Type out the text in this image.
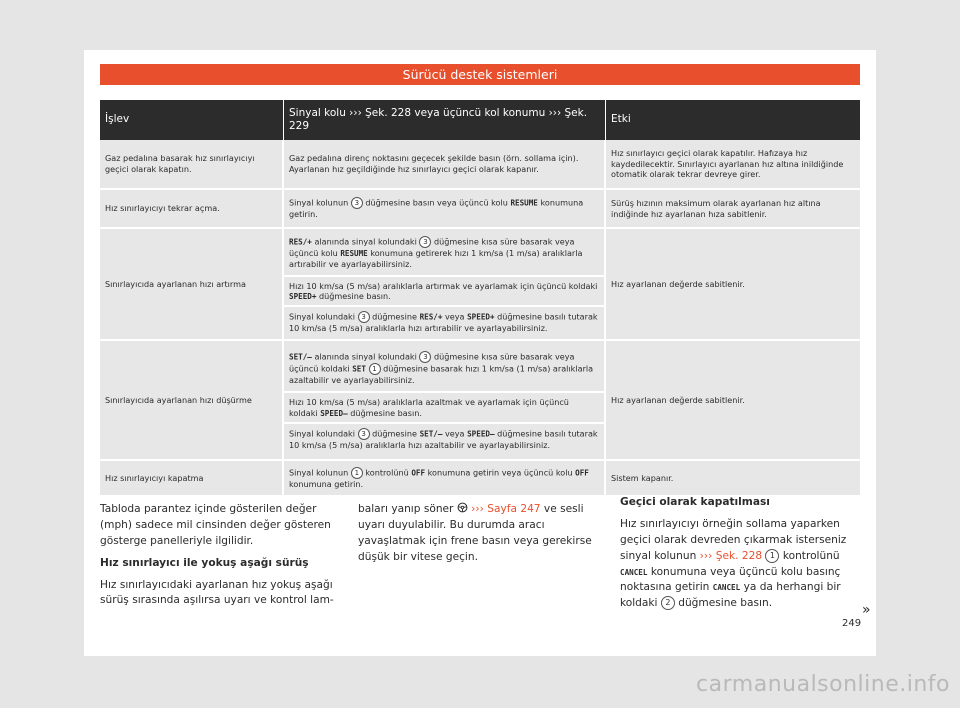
Sürücü destek sistemleri
İşlev	Sinyal kolu ››› Şek. 228 veya üçüncü kol konumu ››› Şek. 229	Etki
Gaz pedalına basarak hız sınırlayıcıyı geçici olarak kapatın.	Gaz pedalına direnç noktasını geçecek şekilde basın (örn. sollama için). Ayarlanan hız geçildiğinde hız sınırlayıcı geçici olarak kapanır.	Hız sınırlayıcı geçici olarak kapatılır. Hafızaya hız kaydedilecektir. Sınırlayıcı ayarlanan hız altına inildiğinde otomatik olarak tekrar devreye girer.
Hız sınırlayıcıyı tekrar açma.	Sinyal kolunun 3 düğmesine basın veya üçüncü kolu RESUME konumuna getirin.	Sürüş hızının maksimum olarak ayarlanan hız altına indiğinde hız ayarlanan hıza sabitlenir.
Sınırlayıcıda ayarlanan hızı artırma	RES/+ alanında sinyal kolundaki 3 düğmesine kısa süre basarak veya üçüncü kolu RESUME konumuna getirerek hızı 1 km/sa (1 m/sa) aralıklarla artırabilir ve ayarlayabilirsiniz.
Hızı 10 km/sa (5 m/sa) aralıklarla artırmak ve ayarlamak için üçüncü koldaki SPEED+ düğmesine basın.
Sinyal kolundaki 3 düğmesine RES/+ veya SPEED+ düğmesine basılı tutarak 10 km/sa (5 m/sa) aralıklarla hızı artırabilir ve ayarlayabilirsiniz.	Hız ayarlanan değerde sabitlenir.
Sınırlayıcıda ayarlanan hızı düşürme	SET/– alanında sinyal kolundaki 3 düğmesine kısa süre basarak veya üçüncü koldaki SET 1 düğmesine basarak hızı 1 km/sa (1 m/sa) aralıklarla azaltabilir ve ayarlayabilirsiniz.
Hızı 10 km/sa (5 m/sa) aralıklarla azaltmak ve ayarlamak için üçüncü koldaki SPEED– düğmesine basın.
Sinyal kolundaki 3 düğmesine SET/– veya SPEED– düğmesine basılı tutarak 10 km/sa (5 m/sa) aralıklarla hızı azaltabilir ve ayarlayabilirsiniz.	Hız ayarlanan değerde sabitlenir.
Hız sınırlayıcıyı kapatma	Sinyal kolunun 1 kontrolünü OFF konumuna getirin veya üçüncü kolu OFF konumuna getirin.	Sistem kapanır.

Tabloda parantez içinde gösterilen değer (mph) sadece mil cinsinden değer gösteren gösterge panelleriyle ilgilidir.

Hız sınırlayıcı ile yokuş aşağı sürüş

Hız sınırlayıcıdaki ayarlanan hız yokuş aşağı sürüş sırasında aşılırsa uyarı ve kontrol lam-

baları yanıp söner ››› Sayfa 247 ve sesli uyarı duyulabilir. Bu durumda aracı yavaşlatmak için frene basın veya gerekirse düşük bir vitese geçin.

Geçici olarak kapatılması

Hız sınırlayıcıyı örneğin sollama yaparken geçici olarak devreden çıkarmak isterseniz sinyal kolunun ››› Şek. 228 1 kontrolünü CANCEL konumuna veya üçüncü kolu basınç noktasına getirin CANCEL ya da herhangi bir koldaki 2 düğmesine basın.	»
249
carmanualsonline.info
